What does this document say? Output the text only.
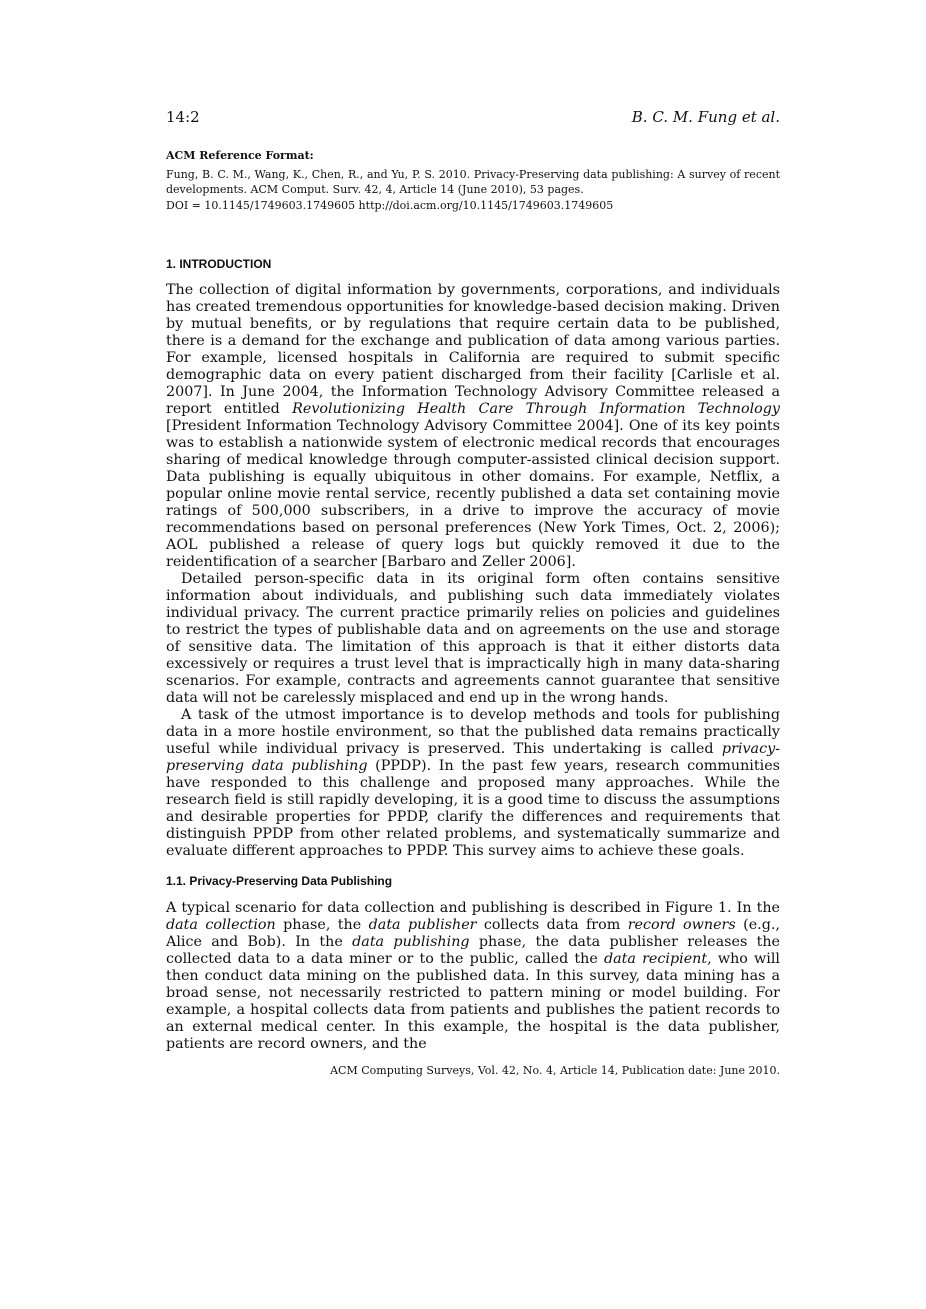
14:2	B. C. M. Fung et al.
ACM Reference Format:
Fung, B. C. M., Wang, K., Chen, R., and Yu, P. S. 2010. Privacy-Preserving data publishing: A survey of recent developments. ACM Comput. Surv. 42, 4, Article 14 (June 2010), 53 pages.
DOI = 10.1145/1749603.1749605 http://doi.acm.org/10.1145/1749603.1749605
1. INTRODUCTION

The collection of digital information by governments, corporations, and individuals has created tremendous opportunities for knowledge-based decision making. Driven by mutual benefits, or by regulations that require certain data to be published, there is a demand for the exchange and publication of data among various parties. For example, licensed hospitals in California are required to submit specific demographic data on every patient discharged from their facility [Carlisle et al. 2007]. In June 2004, the Information Technology Advisory Committee released a report entitled Revolutionizing Health Care Through Information Technology [President Information Technology Advisory Committee 2004]. One of its key points was to establish a nationwide system of electronic medical records that encourages sharing of medical knowledge through computer-assisted clinical decision support. Data publishing is equally ubiquitous in other domains. For example, Netflix, a popular online movie rental service, recently published a data set containing movie ratings of 500,000 subscribers, in a drive to improve the accuracy of movie recommendations based on personal preferences (New York Times, Oct. 2, 2006); AOL published a release of query logs but quickly removed it due to the reidentification of a searcher [Barbaro and Zeller 2006].

Detailed person-specific data in its original form often contains sensitive information about individuals, and publishing such data immediately violates individual privacy. The current practice primarily relies on policies and guidelines to restrict the types of publishable data and on agreements on the use and storage of sensitive data. The limitation of this approach is that it either distorts data excessively or requires a trust level that is impractically high in many data-sharing scenarios. For example, contracts and agreements cannot guarantee that sensitive data will not be carelessly misplaced and end up in the wrong hands.

A task of the utmost importance is to develop methods and tools for publishing data in a more hostile environment, so that the published data remains practically useful while individual privacy is preserved. This undertaking is called privacy-preserving data publishing (PPDP). In the past few years, research communities have responded to this challenge and proposed many approaches. While the research field is still rapidly developing, it is a good time to discuss the assumptions and desirable properties for PPDP, clarify the differences and requirements that distinguish PPDP from other related problems, and systematically summarize and evaluate different approaches to PPDP. This survey aims to achieve these goals.

1.1. Privacy-Preserving Data Publishing

A typical scenario for data collection and publishing is described in Figure 1. In the data collection phase, the data publisher collects data from record owners (e.g., Alice and Bob). In the data publishing phase, the data publisher releases the collected data to a data miner or to the public, called the data recipient, who will then conduct data mining on the published data. In this survey, data mining has a broad sense, not necessarily restricted to pattern mining or model building. For example, a hospital collects data from patients and publishes the patient records to an external medical center. In this example, the hospital is the data publisher, patients are record owners, and the

ACM Computing Surveys, Vol. 42, No. 4, Article 14, Publication date: June 2010.
